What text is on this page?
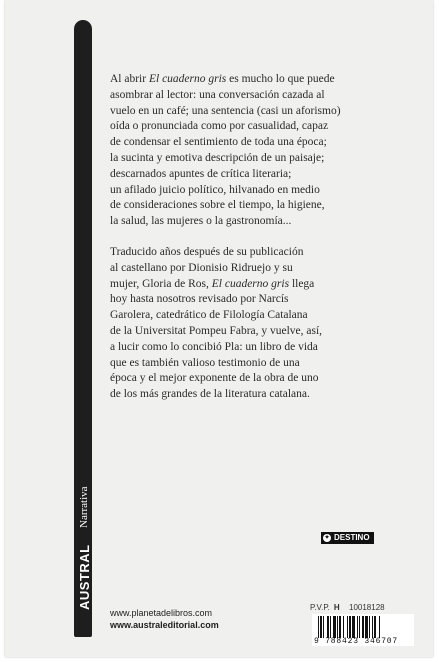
AUSTRAL
Narrativa

Al abrir El cuaderno gris es mucho lo que puede
asombrar al lector: una conversación cazada al
vuelo en un café; una sentencia (casi un aforismo)
oída o pronunciada como por casualidad, capaz
de condensar el sentimiento de toda una época;
la sucinta y emotiva descripción de un paisaje;
descarnados apuntes de crítica literaria;
un afilado juicio político, hilvanado en medio
de consideraciones sobre el tiempo, la higiene,
la salud, las mujeres o la gastronomía...

Traducido años después de su publicación
al castellano por Dionisio Ridruejo y su
mujer, Gloria de Ros, El cuaderno gris llega
hoy hasta nosotros revisado por Narcís
Garolera, catedrático de Filología Catalana
de la Universitat Pompeu Fabra, y vuelve, así,
a lucir como lo concibió Pla: un libro de vida
que es también valioso testimonio de una
época y el mejor exponente de la obra de uno
de los más grandes de la literatura catalana.

✦ DESTINO
www.planetadelibros.com
www.australeditorial.com
P.V.P. H 10018128
9 788423 346707
